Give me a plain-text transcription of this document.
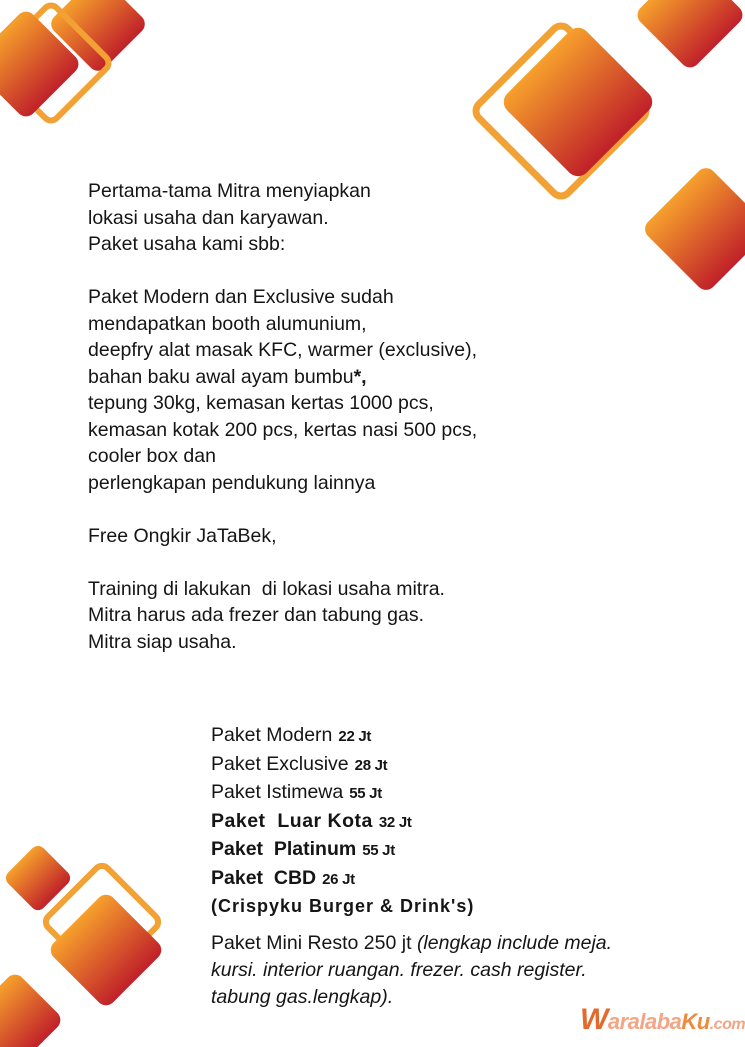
Pertama-tama Mitra menyiapkan

lokasi usaha dan karyawan.

Paket usaha kami sbb:

Paket Modern dan Exclusive sudah

mendapatkan booth alumunium,

deepfry alat masak KFC, warmer (exclusive),

bahan baku awal ayam bumbu*,

tepung 30kg, kemasan kertas 1000 pcs,

kemasan kotak 200 pcs, kertas nasi 500 pcs,

cooler box dan

perlengkapan pendukung lainnya

Free Ongkir JaTaBek,

Training di lakukan  di lokasi usaha mitra.

Mitra harus ada frezer dan tabung gas.

Mitra siap usaha.

Paket Modern 22 Jt
Paket Exclusive 28 Jt
Paket Istimewa 55 Jt
Paket  Luar Kota 32 Jt
Paket  Platinum 55 Jt
Paket  CBD 26 Jt
(Crispyku Burger & Drink's)
Paket Mini Resto 250 jt (lengkap include meja. kursi. interior ruangan. frezer. cash register. tabung gas.lengkap).
WaralabaKu.com
